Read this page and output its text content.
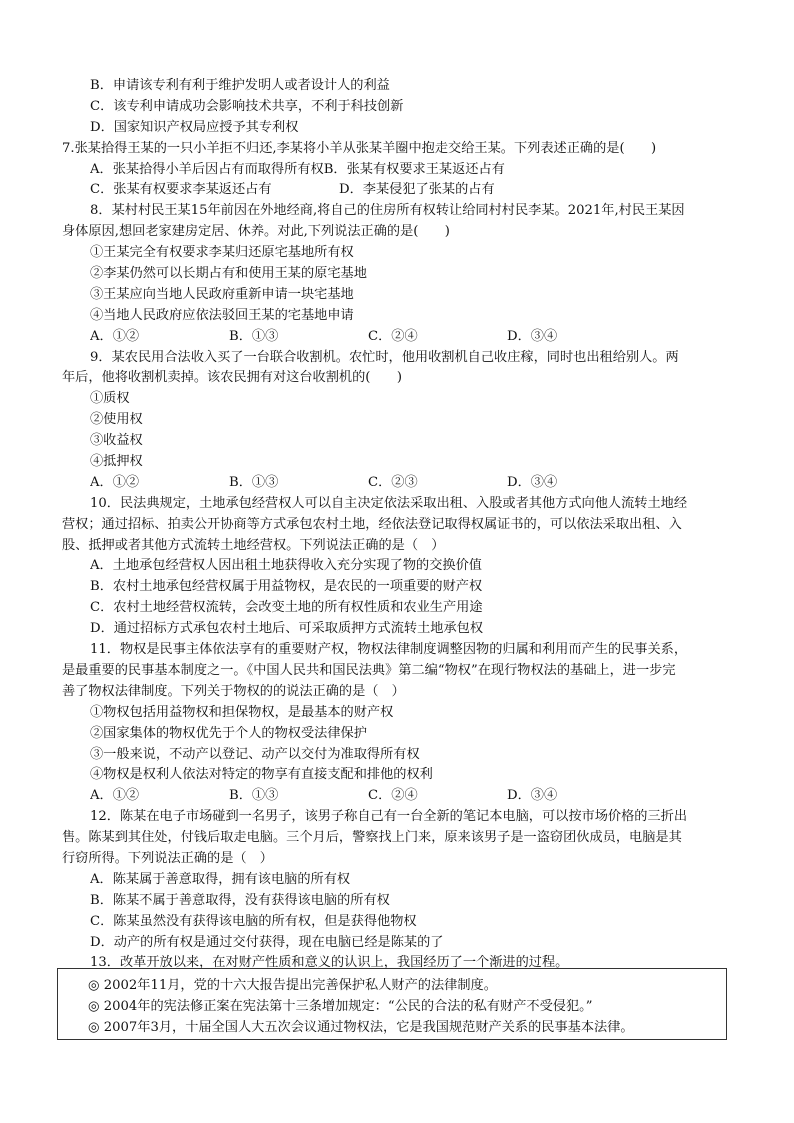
B．申请该专利有利于维护发明人或者设计人的利益
C．该专利申请成功会影响技术共享，不利于科技创新
D．国家知识产权局应授予其专利权
7.张某拾得王某的一只小羊拒不归还,李某将小羊从张某羊圈中抱走交给王某。下列表述正确的是(　　)
A．张某拾得小羊后因占有而取得所有权B．张某有权要求王某返还占有
C．张某有权要求李某返还占有	D．李某侵犯了张某的占有
8．某村村民王某15年前因在外地经商,将自己的住房所有权转让给同村村民李某。2021年,村民王某因
身体原因,想回老家建房定居、休养。对此,下列说法正确的是(　　)
①王某完全有权要求李某归还原宅基地所有权
②李某仍然可以长期占有和使用王某的原宅基地
③王某应向当地人民政府重新申请一块宅基地
④当地人民政府应依法驳回王某的宅基地申请
A．①②	B．①③	C．②④	D．③④
9．某农民用合法收入买了一台联合收割机。农忙时，他用收割机自己收庄稼，同时也出租给别人。两
年后，他将收割机卖掉。该农民拥有对这台收割机的(　　)
①质权
②使用权
③收益权
④抵押权
A．①②	B．①③	C．②③	D．③④
10．民法典规定，土地承包经营权人可以自主决定依法采取出租、入股或者其他方式向他人流转土地经
营权；通过招标、拍卖公开协商等方式承包农村土地，经依法登记取得权属证书的，可以依法采取出租、入
股、抵押或者其他方式流转土地经营权。下列说法正确的是（　）
A．土地承包经营权人因出租土地获得收入充分实现了物的交换价值
B．农村土地承包经营权属于用益物权，是农民的一项重要的财产权
C．农村土地经营权流转，会改变土地的所有权性质和农业生产用途
D．通过招标方式承包农村土地后、可采取质押方式流转土地承包权
11．物权是民事主体依法享有的重要财产权，物权法律制度调整因物的归属和利用而产生的民事关系，
是最重要的民事基本制度之一。《中国人民共和国民法典》第二编“物权”在现行物权法的基础上，进一步完
善了物权法律制度。下列关于物权的的说法正确的是（　）
①物权包括用益物权和担保物权，是最基本的财产权
②国家集体的物权优先于个人的物权受法律保护
③一般来说，不动产以登记、动产以交付为准取得所有权
④物权是权利人依法对特定的物享有直接支配和排他的权利
A．①②	B．①③	C．②④	D．③④
12．陈某在电子市场碰到一名男子，该男子称自己有一台全新的笔记本电脑，可以按市场价格的三折出
售。陈某到其住处，付钱后取走电脑。三个月后，警察找上门来，原来该男子是一盗窃团伙成员，电脑是其
行窃所得。下列说法正确的是（　）
A．陈某属于善意取得，拥有该电脑的所有权
B．陈某不属于善意取得，没有获得该电脑的所有权
C．陈某虽然没有获得该电脑的所有权，但是获得他物权
D．动产的所有权是通过交付获得，现在电脑已经是陈某的了
13．改革开放以来，在对财产性质和意义的认识上，我国经历了一个渐进的过程。
◎ 2002年11月，党的十六大报告提出完善保护私人财产的法律制度。
◎ 2004年的宪法修正案在宪法第十三条增加规定：“公民的合法的私有财产不受侵犯。”
◎ 2007年3月，十届全国人大五次会议通过物权法，它是我国规范财产关系的民事基本法律。
